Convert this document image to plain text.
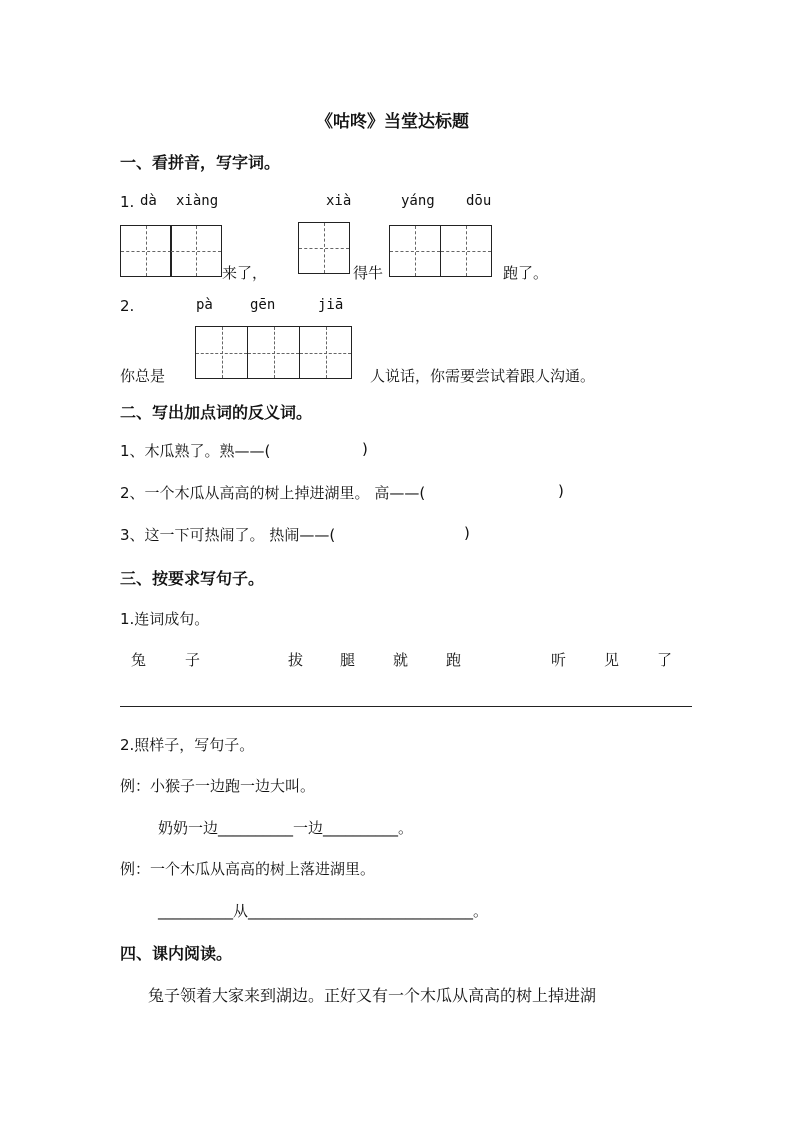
《咕咚》当堂达标题
一、看拼音，写字词。
1. dà xiàng	xià	yáng dōu
来了，	得牛	跑了。
2.	pà	gēn	jiā
你总是	人说话，你需要尝试着跟人沟通。
二、写出加点词的反义词。
1、木瓜熟了。熟——(	)
2、一个木瓜从高高的树上掉进湖里。 高——(	)
3、这一下可热闹了。 热闹——(	)
三、按要求写句子。
1.连词成句。
兔	子	拔 腿	就	跑	听	见	了
2.照样子，写句子。
例：小猴子一边跑一边大叫。
奶奶一边__________一边__________。
例：一个木瓜从高高的树上落进湖里。
__________从______________________________。
四、课内阅读。
兔子领着大家来到湖边。正好又有一个木瓜从高高的树上掉进湖
